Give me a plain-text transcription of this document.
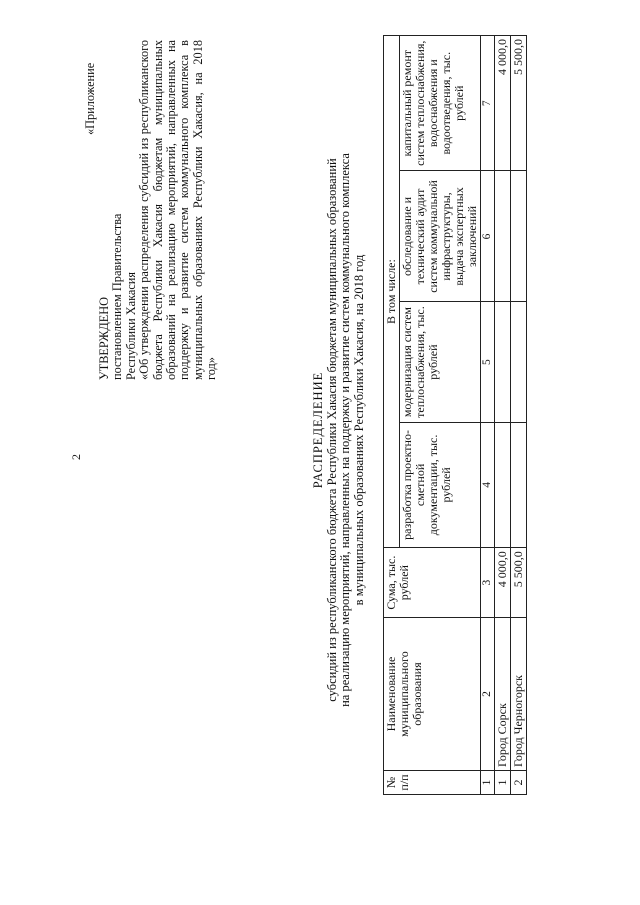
2
«Приложение
УТВЕРЖДЕНО постановлением Правительства Республики Хакасия «Об утверждении распределения субсидий из республиканского бюджета Республики Хакасия бюджетам муниципальных образований на реализацию мероприятий, направленных на поддержку и развитие систем коммунального комплекса в муниципальных образованиях Республики Хакасия, на 2018 год»
РАСПРЕДЕЛЕНИЕ субсидий из республиканского бюджета Республики Хакасия бюджетам муниципальных образований на реализацию мероприятий, направленных на поддержку и развитие систем коммунального комплекса в муниципальных образованиях Республики Хакасия, на 2018 год
№ п/п	Наименование муниципального образования	Сума, тыс. рублей	В том числе:			
			разработка проектно-сметной документации, тыс. рублей	модернизация систем теплоснабжения, тыс. рублей	обследование и технический аудит систем коммунальной инфраструктуры, выдача экспертных заключений	капитальный ремонт систем теплоснабжения, водоснабжения и водоотведения, тыс. рублей
1	2	3	4	5	6	7
1	Город Сорск	4 000,0				4 000,0
2	Город Черногорск	5 500,0				5 500,0
